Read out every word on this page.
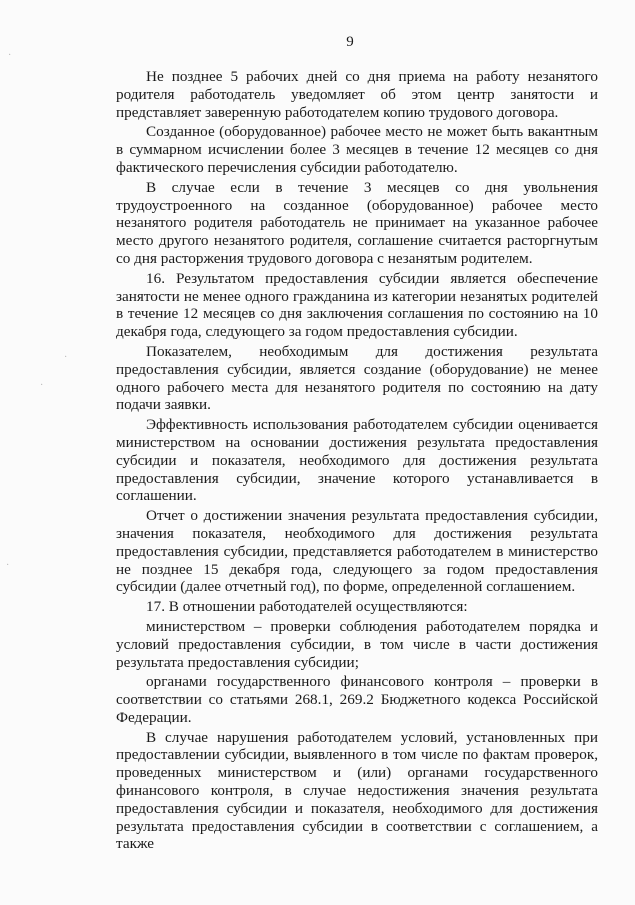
9
·
·
·
·

Не позднее 5 рабочих дней со дня приема на работу незанятого родителя работодатель уведомляет об этом центр занятости и представляет заверенную работодателем копию трудового договора.

Созданное (оборудованное) рабочее место не может быть вакантным в суммарном исчислении более 3 месяцев в течение 12 месяцев со дня фактического перечисления субсидии работодателю.

В случае если в течение 3 месяцев со дня увольнения трудоустроенного на созданное (оборудованное) рабочее место незанятого родителя работодатель не принимает на указанное рабочее место другого незанятого родителя, соглашение считается расторгнутым со дня расторжения трудового договора с незанятым родителем.

16. Результатом предоставления субсидии является обеспечение занятости не менее одного гражданина из категории незанятых родителей в течение 12 месяцев со дня заключения соглашения по состоянию на 10 декабря года, следующего за годом предоставления субсидии.

Показателем, необходимым для достижения результата предоставления субсидии, является создание (оборудование) не менее одного рабочего места для незанятого родителя по состоянию на дату подачи заявки.

Эффективность использования работодателем субсидии оценивается министерством на основании достижения результата предоставления субсидии и показателя, необходимого для достижения результата предоставления субсидии, значение которого устанавливается в соглашении.

Отчет о достижении значения результата предоставления субсидии, значения показателя, необходимого для достижения результата предоставления субсидии, представляется работодателем в министерство не позднее 15 декабря года, следующего за годом предоставления субсидии (далее отчетный год), по форме, определенной соглашением.

17. В отношении работодателей осуществляются:

министерством – проверки соблюдения работодателем порядка и условий предоставления субсидии, в том числе в части достижения результата предоставления субсидии;

органами государственного финансового контроля – проверки в соответствии со статьями 268.1, 269.2 Бюджетного кодекса Российской Федерации.

В случае нарушения работодателем условий, установленных при предоставлении субсидии, выявленного в том числе по фактам проверок, проведенных министерством и (или) органами государственного финансового контроля, в случае недостижения значения результата предоставления субсидии и показателя, необходимого для достижения результата предоставления субсидии в соответствии с соглашением, а также
